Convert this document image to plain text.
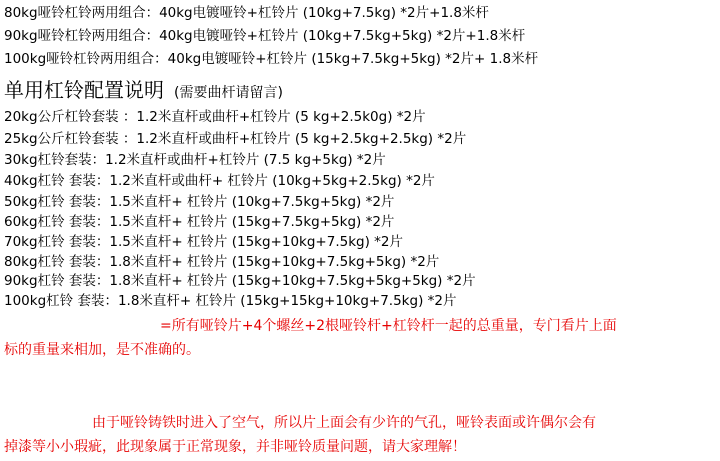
80kg哑铃杠铃两用组合：40kg电镀哑铃+杠铃片 (10kg+7.5kg) *2片+1.8米杆
90kg哑铃杠铃两用组合：40kg电镀哑铃+杠铃片 (10kg+7.5kg+5kg) *2片+1.8米杆
100kg哑铃杠铃两用组合：40kg电镀哑铃+杠铃片 (15kg+7.5kg+5kg) *2片+ 1.8米杆
单用杠铃配置说明 (需要曲杆请留言)
20kg公斤杠铃套装 ：1.2米直杆或曲杆+杠铃片 (5 kg+2.5k0g) *2片
25kg公斤杠铃套装 ：1.2米直杆或曲杆+杠铃片 (5 kg+2.5kg+2.5kg) *2片
30kg杠铃套装：1.2米直杆或曲杆+杠铃片 (7.5 kg+5kg) *2片
40kg杠铃 套装：1.2米直杆或曲杆+ 杠铃片 (10kg+5kg+2.5kg) *2片
50kg杠铃 套装：1.5米直杆+ 杠铃片 (10kg+7.5kg+5kg) *2片
60kg杠铃 套装：1.5米直杆+ 杠铃片 (15kg+7.5kg+5kg) *2片
70kg杠铃 套装：1.5米直杆+ 杠铃片 (15kg+10kg+7.5kg) *2片
80kg杠铃 套装：1.8米直杆+ 杠铃片 (15kg+10kg+7.5kg+5kg) *2片
90kg杠铃 套装：1.8米直杆+ 杠铃片 (15kg+10kg+7.5kg+5kg+5kg) *2片
100kg杠铃 套装：1.8米直杆+ 杠铃片 (15kg+15kg+10kg+7.5kg) *2片
=所有哑铃片+4个螺丝+2根哑铃杆+杠铃杆一起的总重量，专门看片上面
标的重量来相加，是不准确的。
由于哑铃铸铁时进入了空气，所以片上面会有少许的气孔，哑铃表面或许偶尔会有
掉漆等小小瑕疵，此现象属于正常现象，并非哑铃质量问题，请大家理解！
